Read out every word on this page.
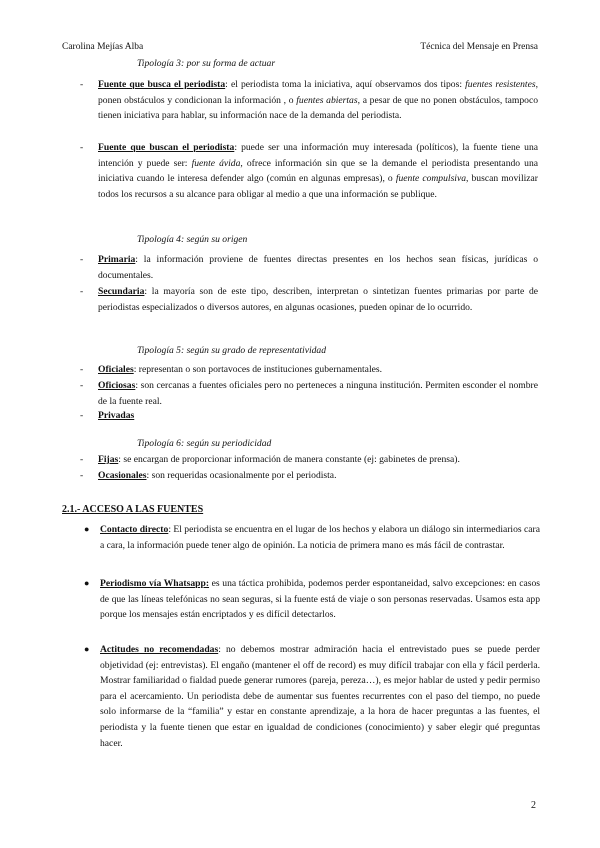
Carolina Mejías Alba	Técnica del Mensaje en Prensa
Tipología 3: por su forma de actuar
- Fuente que busca el periodista: el periodista toma la iniciativa, aquí observamos dos tipos: fuentes resistentes, ponen obstáculos y condicionan la información , o fuentes abiertas, a pesar de que no ponen obstáculos, tampoco tienen iniciativa para hablar, su información nace de la demanda del periodista.
- Fuente que buscan el periodista: puede ser una información muy interesada (políticos), la fuente tiene una intención y puede ser: fuente ávida, ofrece información sin que se la demande el periodista presentando una iniciativa cuando le interesa defender algo (común en algunas empresas), o fuente compulsiva, buscan movilizar todos los recursos a su alcance para obligar al medio a que una información se publique.
Tipología 4: según su origen
- Primaria: la información proviene de fuentes directas presentes en los hechos sean físicas, jurídicas o documentales.
- Secundaria: la mayoría son de este tipo, describen, interpretan o sintetizan fuentes primarias por parte de periodistas especializados o diversos autores, en algunas ocasiones, pueden opinar de lo ocurrido.
Tipología 5: según su grado de representatividad
- Oficiales: representan o son portavoces de instituciones gubernamentales.
- Oficiosas: son cercanas a fuentes oficiales pero no perteneces a ninguna institución. Permiten esconder el nombre de la fuente real.
- Privadas
Tipología 6: según su periodicidad
- Fijas: se encargan de proporcionar información de manera constante (ej: gabinetes de prensa).
- Ocasionales: son requeridas ocasionalmente por el periodista.
2.1.- ACCESO A LAS FUENTES
● Contacto directo: El periodista se encuentra en el lugar de los hechos y elabora un diálogo sin intermediarios cara a cara, la información puede tener algo de opinión. La noticia de primera mano es más fácil de contrastar.
● Periodismo vía Whatsapp: es una táctica prohibida, podemos perder espontaneidad, salvo excepciones: en casos de que las líneas telefónicas no sean seguras, si la fuente está de viaje o son personas reservadas. Usamos esta app porque los mensajes están encriptados y es difícil detectarlos.
● Actitudes no recomendadas: no debemos mostrar admiración hacia el entrevistado pues se puede perder objetividad (ej: entrevistas). El engaño (mantener el off de record) es muy difícil trabajar con ella y fácil perderla. Mostrar familiaridad o fialdad puede generar rumores (pareja, pereza…), es mejor hablar de usted y pedir permiso para el acercamiento. Un periodista debe de aumentar sus fuentes recurrentes con el paso del tiempo, no puede solo informarse de la “familia” y estar en constante aprendizaje, a la hora de hacer preguntas a las fuentes, el periodista y la fuente tienen que estar en igualdad de condiciones (conocimiento) y saber elegir qué preguntas hacer.
2
